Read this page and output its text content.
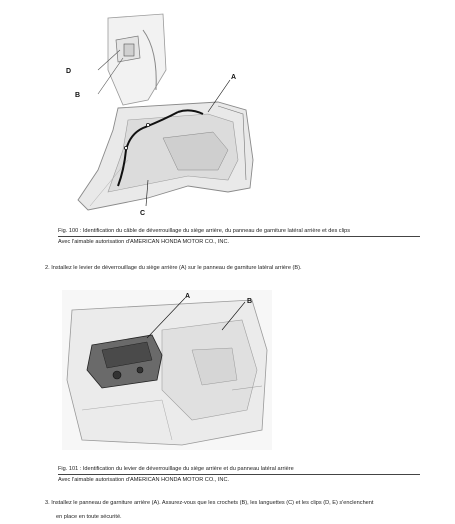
A
B
C
D
Fig. 100 : Identification du câble de déverrouillage du siège arrière, du panneau de garniture latéral arrière et des clips
Avec l'aimable autorisation d'AMERICAN HONDA MOTOR CO., INC.
2. Installez le levier de déverrouillage du siège arrière (A) sur le panneau de garniture latéral arrière (B).
A
B
Fig. 101 : Identification du levier de déverrouillage du siège arrière et du panneau latéral arrière
Avec l'aimable autorisation d'AMERICAN HONDA MOTOR CO., INC.
3. Installez le panneau de garniture arrière (A). Assurez-vous que les crochets (B), les languettes (C) et les clips (D, E) s'enclenchent
en place en toute sécurité.
